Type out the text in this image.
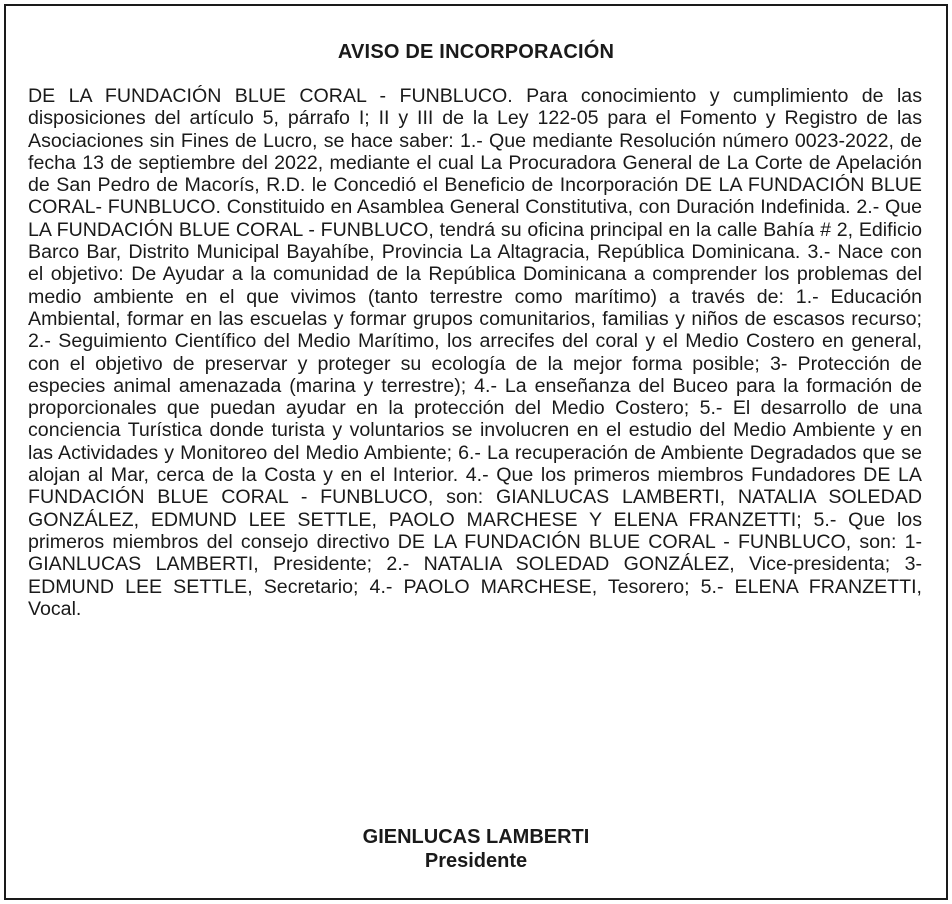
AVISO DE INCORPORACIÓN
DE LA FUNDACIÓN BLUE CORAL - FUNBLUCO. Para conocimiento y cumplimiento de las disposiciones del artículo 5, párrafo I; II y III de la Ley 122-05 para el Fomento y Registro de las Asociaciones sin Fines de Lucro, se hace saber: 1.- Que mediante Resolución número 0023-2022, de fecha 13 de septiembre del 2022, mediante el cual La Procuradora General de La Corte de Apelación de San Pedro de Macorís, R.D. le Concedió el Beneficio de Incorporación DE LA FUNDACIÓN BLUE CORAL- FUNBLUCO. Constituido en Asamblea General Constitutiva, con Duración Indefinida. 2.- Que LA FUNDACIÓN BLUE CORAL - FUNBLUCO, tendrá su oficina principal en la calle Bahía # 2, Edificio Barco Bar, Distrito Municipal Bayahíbe, Provincia La Altagracia, República Dominicana. 3.- Nace con el objetivo: De Ayudar a la comunidad de la República Dominicana a comprender los problemas del medio ambiente en el que vivimos (tanto terrestre como marítimo) a través de: 1.- Educación Ambiental, formar en las escuelas y formar grupos comunitarios, familias y niños de escasos recurso; 2.- Seguimiento Científico del Medio Marítimo, los arrecifes del coral y el Medio Costero en general, con el objetivo de preservar y proteger su ecología de la mejor forma posible; 3- Protección de especies animal amenazada (marina y terrestre); 4.- La enseñanza del Buceo para la formación de proporcionales que puedan ayudar en la protección del Medio Costero; 5.- El desarrollo de una conciencia Turística donde turista y voluntarios se involucren en el estudio del Medio Ambiente y en las Actividades y Monitoreo del Medio Ambiente; 6.- La recuperación de Ambiente Degradados que se alojan al Mar, cerca de la Costa y en el Interior. 4.- Que los primeros miembros Fundadores DE LA FUNDACIÓN BLUE CORAL - FUNBLUCO, son: GIANLUCAS LAMBERTI, NATALIA SOLEDAD GONZÁLEZ, EDMUND LEE SETTLE, PAOLO MARCHESE Y ELENA FRANZETTI; 5.- Que los primeros miembros del consejo directivo DE LA FUNDACIÓN BLUE CORAL - FUNBLUCO, son: 1- GIANLUCAS LAMBERTI, Presidente; 2.- NATALIA SOLEDAD GONZÁLEZ, Vice-presidenta; 3- EDMUND LEE SETTLE, Secretario; 4.- PAOLO MARCHESE, Tesorero; 5.- ELENA FRANZETTI, Vocal.
GIENLUCAS LAMBERTI
Presidente
